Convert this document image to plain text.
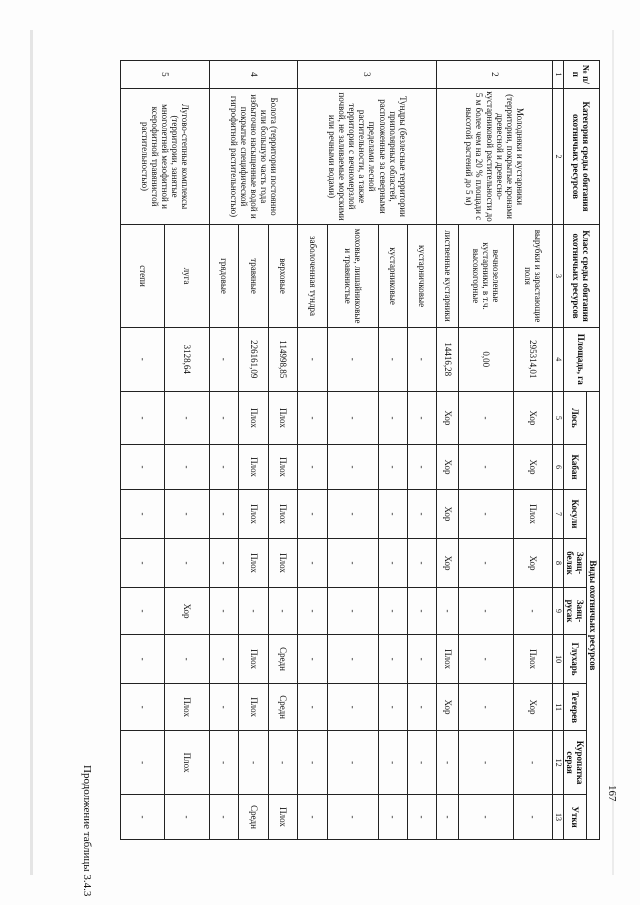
Продолжение таблицы 3.4.3	167
№ п/п	Категория среды обитания охотничьих ресурсов	Класс среды обитания охотничьих ресурсов	Площадь, га	Виды охотничьих ресурсов								
				Лось	Кабан	Косули	Заяц-беляк	Заяц-русак	Глухарь	Тетерев	Куропатка серая	Утки
1	2	3	4	5	6	7	8	9	10	11	12	13
2	Молодняки и кустарники (территории, покрытые кронами древесной и древесно-кустарниковой растительности до 5 м более чем на 20 % площади с высотой растений до 5 м)	вырубки и зарастающие поля	295314,01	Хор	Хор	Плох	Хор	-	Плох	Хор	-	-
		вечнозеленые кустарники, в т.ч. высокогорные	0,00	-	-	-	-	-	-	-	-	-
		лиственные кустарники	14416,28	Хор	Хор	Хор	Хор	-	Плох	Хор	-	-
3	Тундры (безлесные территории приполярных областей, расположенные за северными пределами лесной растительности, а также территории с вечномерзлой почвой, не заливаемые морскими или речными водами)	кустарничковые	-	-	-	-	-	-	-	-	-	-
		кустарниковые	-	-	-	-	-	-	-	-	-	-
		моховые, лишайниковые и травянистые	-	-	-	-	-	-	-	-	-	-
		заболоченная тундра	-	-	-	-	-	-	-	-	-	-
4	Болота (территории постоянно или большую часть года избыточно насыщенные водой и покрытые специфической гигрофитной растительностью)	верховые	114998,85	Плох	Плох	Плох	Плох	-	Средн	Средн	-	Плох
		травяные	226161,09	Плох	Плох	Плох	Плох	-	Плох	Плох	-	Средн
		грядовые	-	-	-	-	-	-	-	-	-	-
5	Лугово-степные комплексы (территории, занятые многолетней мезофитной и ксерофитной травянистой растительностью)	луга	3128,64	-	-	-	-	Хор	-	Плох	Плох	-
		степи	-	-	-	-	-	-	-	-	-	-
